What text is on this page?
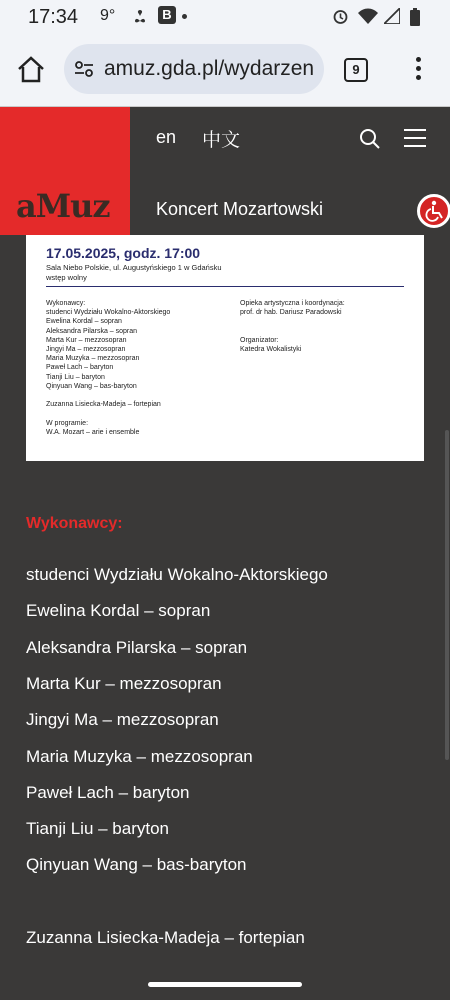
17:34 9°	B
amuz.gda.pl/wydarzen	9
aMuz
en 中文
Koncert Mozartowski
17.05.2025, godz. 17:00
Sala Niebo Polskie, ul. Augustyńskiego 1 w Gdańsku
wstęp wolny
Wykonawcy:
studenci Wydziału Wokalno-Aktorskiego
Ewelina Kordal – sopran
Aleksandra Pilarska – sopran
Marta Kur – mezzosopran
Jingyi Ma – mezzosopran
Maria Muzyka – mezzosopran
Paweł Lach – baryton
Tianji Liu – baryton
Qinyuan Wang – bas-baryton
Zuzanna Lisiecka-Madeja – fortepian
W programie:
W.A. Mozart – arie i ensemble
Opieka artystyczna i koordynacja:
prof. dr hab. Dariusz Paradowski
Organizator:
Katedra Wokalistyki
Wykonawcy:
studenci Wydziału Wokalno-Aktorskiego
Ewelina Kordal – sopran
Aleksandra Pilarska – sopran
Marta Kur – mezzosopran
Jingyi Ma – mezzosopran
Maria Muzyka – mezzosopran
Paweł Lach – baryton
Tianji Liu – baryton
Qinyuan Wang – bas-baryton
Zuzanna Lisiecka-Madeja – fortepian
